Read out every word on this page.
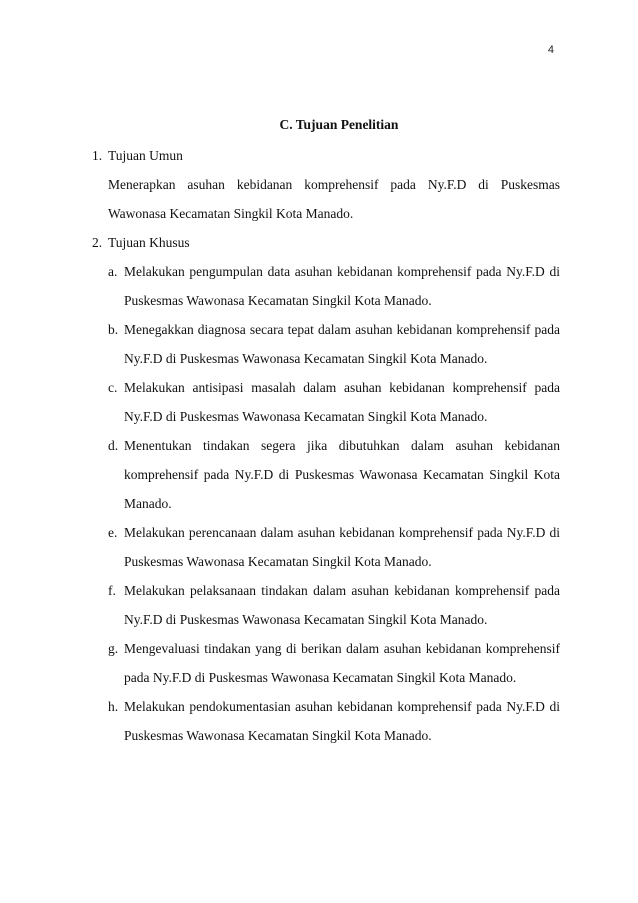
4
C. Tujuan Penelitian
1. Tujuan Umun
Menerapkan asuhan kebidanan komprehensif pada Ny.F.D di Puskesmas Wawonasa Kecamatan Singkil Kota Manado.
2. Tujuan Khusus
a. Melakukan pengumpulan data asuhan kebidanan komprehensif pada Ny.F.D di Puskesmas Wawonasa Kecamatan Singkil Kota Manado.
b. Menegakkan diagnosa secara tepat dalam asuhan kebidanan komprehensif pada Ny.F.D di Puskesmas Wawonasa Kecamatan Singkil Kota Manado.
c. Melakukan antisipasi masalah dalam asuhan kebidanan komprehensif pada Ny.F.D di Puskesmas Wawonasa Kecamatan Singkil Kota Manado.
d. Menentukan tindakan segera jika dibutuhkan dalam asuhan kebidanan komprehensif pada Ny.F.D di Puskesmas Wawonasa Kecamatan Singkil Kota Manado.
e. Melakukan perencanaan dalam asuhan kebidanan komprehensif pada Ny.F.D di Puskesmas Wawonasa Kecamatan Singkil Kota Manado.
f. Melakukan pelaksanaan tindakan dalam asuhan kebidanan komprehensif pada Ny.F.D di Puskesmas Wawonasa Kecamatan Singkil Kota Manado.
g. Mengevaluasi tindakan yang di berikan dalam asuhan kebidanan komprehensif pada Ny.F.D di Puskesmas Wawonasa Kecamatan Singkil Kota Manado.
h. Melakukan pendokumentasian asuhan kebidanan komprehensif pada Ny.F.D di Puskesmas Wawonasa Kecamatan Singkil Kota Manado.
